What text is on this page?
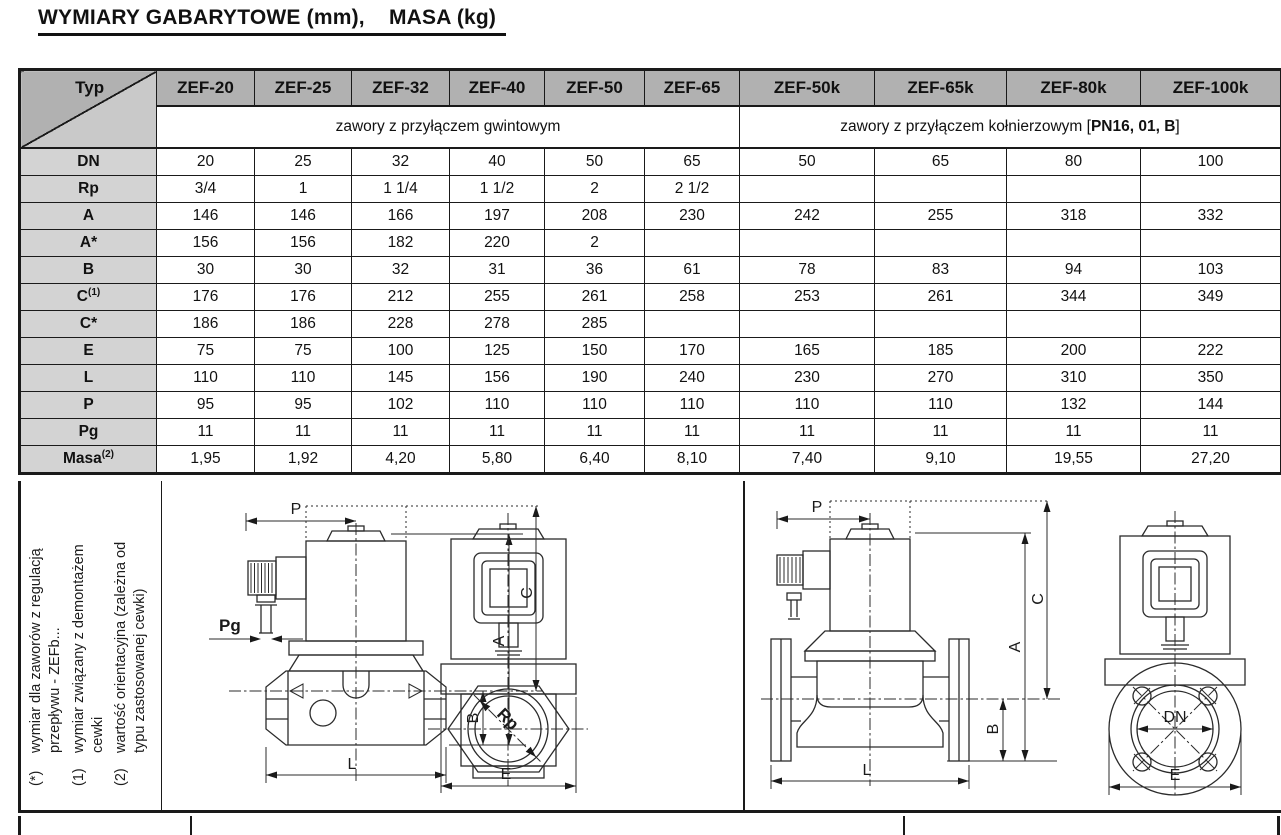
WYMIARY GABARYTOWE (mm),    MASA (kg)
Typ	ZEF-20	ZEF-25	ZEF-32	ZEF-40	ZEF-50	ZEF-65	ZEF-50k	ZEF-65k	ZEF-80k	ZEF-100k
	zawory z przyłączem gwintowym						zawory z przyłączem kołnierzowym [PN16, 01, B]			
DN	20	25	32	40	50	65	50	65	80	100
Rp	3/4	1	1 1/4	1 1/2	2	2 1/2				
A	146	146	166	197	208	230	242	255	318	332
A*	156	156	182	220	2					
B	30	30	32	31	36	61	78	83	94	103
$C^{(1)}$	176	176	212	255	261	258	253	261	344	349
C*	186	186	228	278	285					
E	75	75	100	125	150	170	165	185	200	222
L	110	110	145	156	190	240	230	270	310	350
P	95	95	102	110	110	110	110	110	132	144
Pg	11	11	11	11	11	11	11	11	11	11
Masa$^{(2)}$	1,95	1,92	4,20	5,80	6,40	8,10	7,40	9,10	19,55	27,20
(*)
wymiar dla zaworów z regulacją przepływu - ZEFb...
(1)
wymiar związany z demontażem cewki
(2)
wartość orientacyjna (zależna od typu zastosowanej cewki)
P
Pg
C
A
B
L
Rp
E
P
C
A
B
L
DN
E
